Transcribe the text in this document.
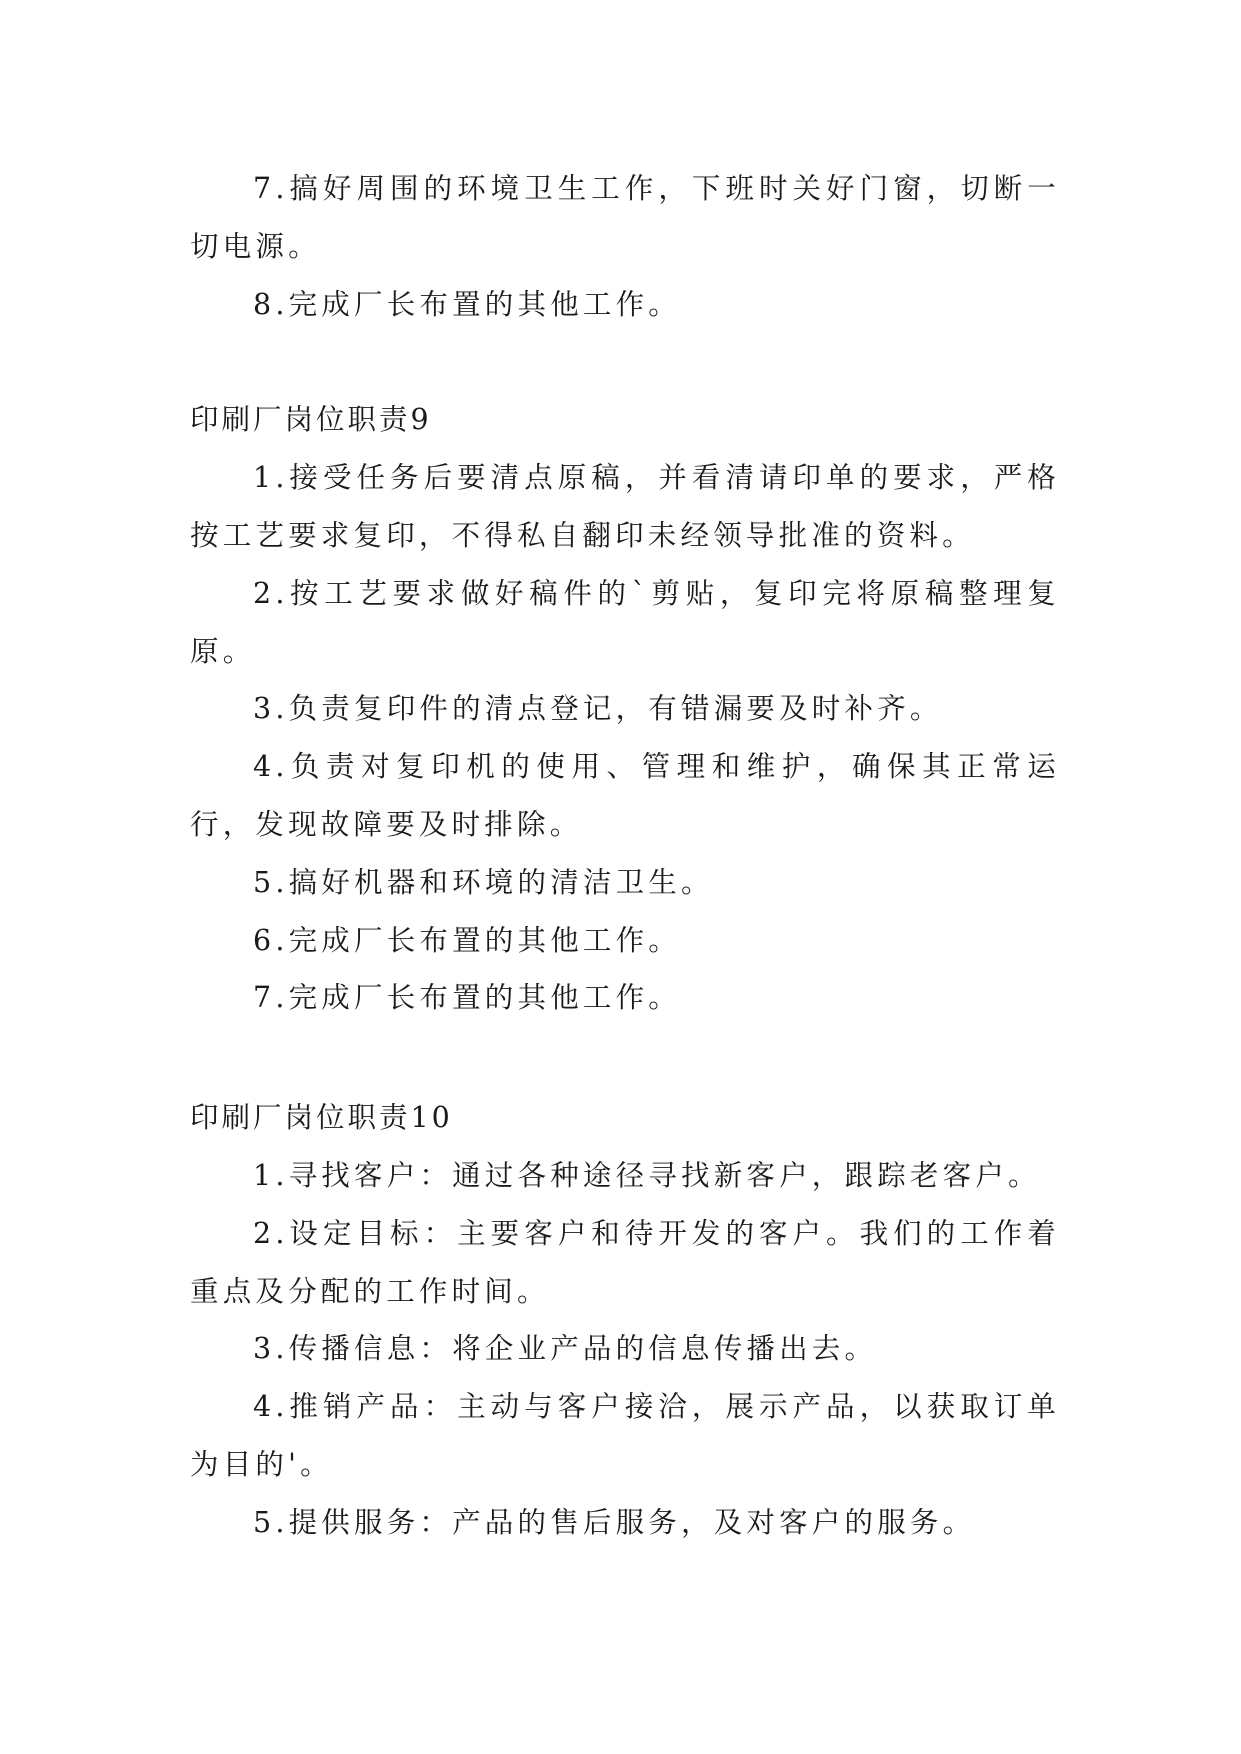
7.搞好周围的环境卫生工作，下班时关好门窗，切断一切电源。

8.完成厂长布置的其他工作。

印刷厂岗位职责9

1.接受任务后要清点原稿，并看清请印单的要求，严格按工艺要求复印，不得私自翻印未经领导批准的资料。

2.按工艺要求做好稿件的`剪贴，复印完将原稿整理复原。

3.负责复印件的清点登记，有错漏要及时补齐。

4.负责对复印机的使用、管理和维护，确保其正常运行，发现故障要及时排除。

5.搞好机器和环境的清洁卫生。

6.完成厂长布置的其他工作。

7.完成厂长布置的其他工作。

印刷厂岗位职责10

1.寻找客户：通过各种途径寻找新客户，跟踪老客户。

2.设定目标：主要客户和待开发的客户。我们的工作着重点及分配的工作时间。

3.传播信息：将企业产品的信息传播出去。

4.推销产品：主动与客户接洽，展示产品，以获取订单为目的'。

5.提供服务：产品的售后服务，及对客户的服务。
